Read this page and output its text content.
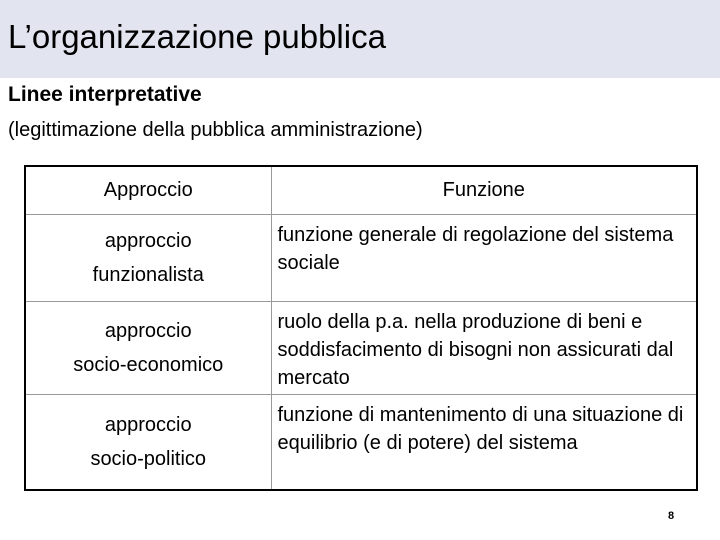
L’organizzazione pubblica
Linee interpretative
(legittimazione della pubblica amministrazione)
Approccio	Funzione

approccio
funzionalista	funzione generale di regolazione del sistema sociale

approccio
socio-economico	ruolo della p.a. nella produzione di beni e soddisfacimento di bisogni non assicurati dal mercato

approccio
socio-politico	funzione di mantenimento di una situazione di equilibrio (e di potere) del sistema
8
